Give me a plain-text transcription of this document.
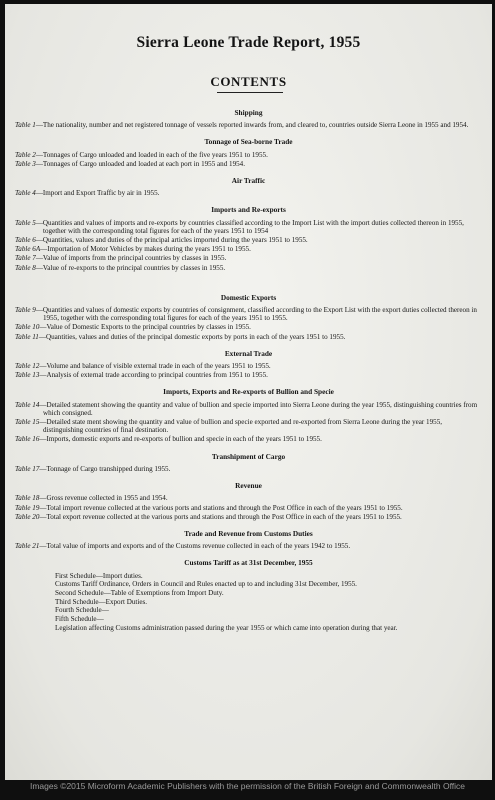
Sierra Leone Trade Report, 1955
CONTENTS
Shipping
Table 1—The nationality, number and net registered tonnage of vessels reported inwards from, and cleared to, countries outside Sierra Leone in 1955 and 1954.
Tonnage of Sea-borne Trade
Table 2—Tonnages of Cargo unloaded and loaded in each of the five years 1951 to 1955.
Table 3—Tonnages of Cargo unloaded and loaded at each port in 1955 and 1954.
Air Traffic
Table 4—Import and Export Traffic by air in 1955.
Imports and Re-exports
Table 5—Quantities and values of imports and re-exports by countries classified according to the Import List with the import duties collected thereon in 1955, together with the corresponding total figures for each of the years 1951 to 1954
Table 6—Quantities, values and duties of the principal articles imported during the years 1951 to 1955.
Table 6A—Importation of Motor Vehicles by makes during the years 1951 to 1955.
Table 7—Value of imports from the principal countries by classes in 1955.
Table 8—Value of re-exports to the principal countries by classes in 1955.
Domestic Exports
Table 9—Quantities and values of domestic exports by countries of consignment, classified according to the Export List with the export duties collected thereon in 1955, together with the corresponding total figures for each of the years 1951 to 1955.
Table 10—Value of Domestic Exports to the principal countries by classes in 1955.
Table 11—Quantities, values and duties of the principal domestic exports by ports in each of the years 1951 to 1955.
External Trade
Table 12—Volume and balance of visible external trade in each of the years 1951 to 1955.
Table 13—Analysis of external trade according to principal countries from 1951 to 1955.
Imports, Exports and Re-exports of Bullion and Specie
Table 14—Detailed statement showing the quantity and value of bullion and specie imported into Sierra Leone during the year 1955, distinguishing countries from which consigned.
Table 15—Detailed state ment showing the quantity and value of bullion and specie exported and re-exported from Sierra Leone during the year 1955, distinguishing countries of final destination.
Table 16—Imports, domestic exports and re-exports of bullion and specie in each of the years 1951 to 1955.
Transhipment of Cargo
Table 17—Tonnage of Cargo transhipped during 1955.
Revenue
Table 18—Gross revenue collected in 1955 and 1954.
Table 19—Total import revenue collected at the various ports and stations and through the Post Office in each of the years 1951 to 1955.
Table 20—Total export revenue collected at the various ports and stations and through the Post Office in each of the years 1951 to 1955.
Trade and Revenue from Customs Duties
Table 21—Total value of imports and exports and of the Customs revenue collected in each of the years 1942 to 1955.
Customs Tariff as at 31st December, 1955
First Schedule—Import duties.
Customs Tariff Ordinance, Orders in Council and Rules enacted up to and including 31st December, 1955.
Second Schedule—Table of Exemptions from Import Duty.
Third Schedule—Export Duties.
Fourth Schedule—
Fifth Schedule—
Legislation affecting Customs administration passed during the year 1955 or which came into operation during that year.
Images ©2015 Microform Academic Publishers with the permission of the British Foreign and Commonwealth Office
